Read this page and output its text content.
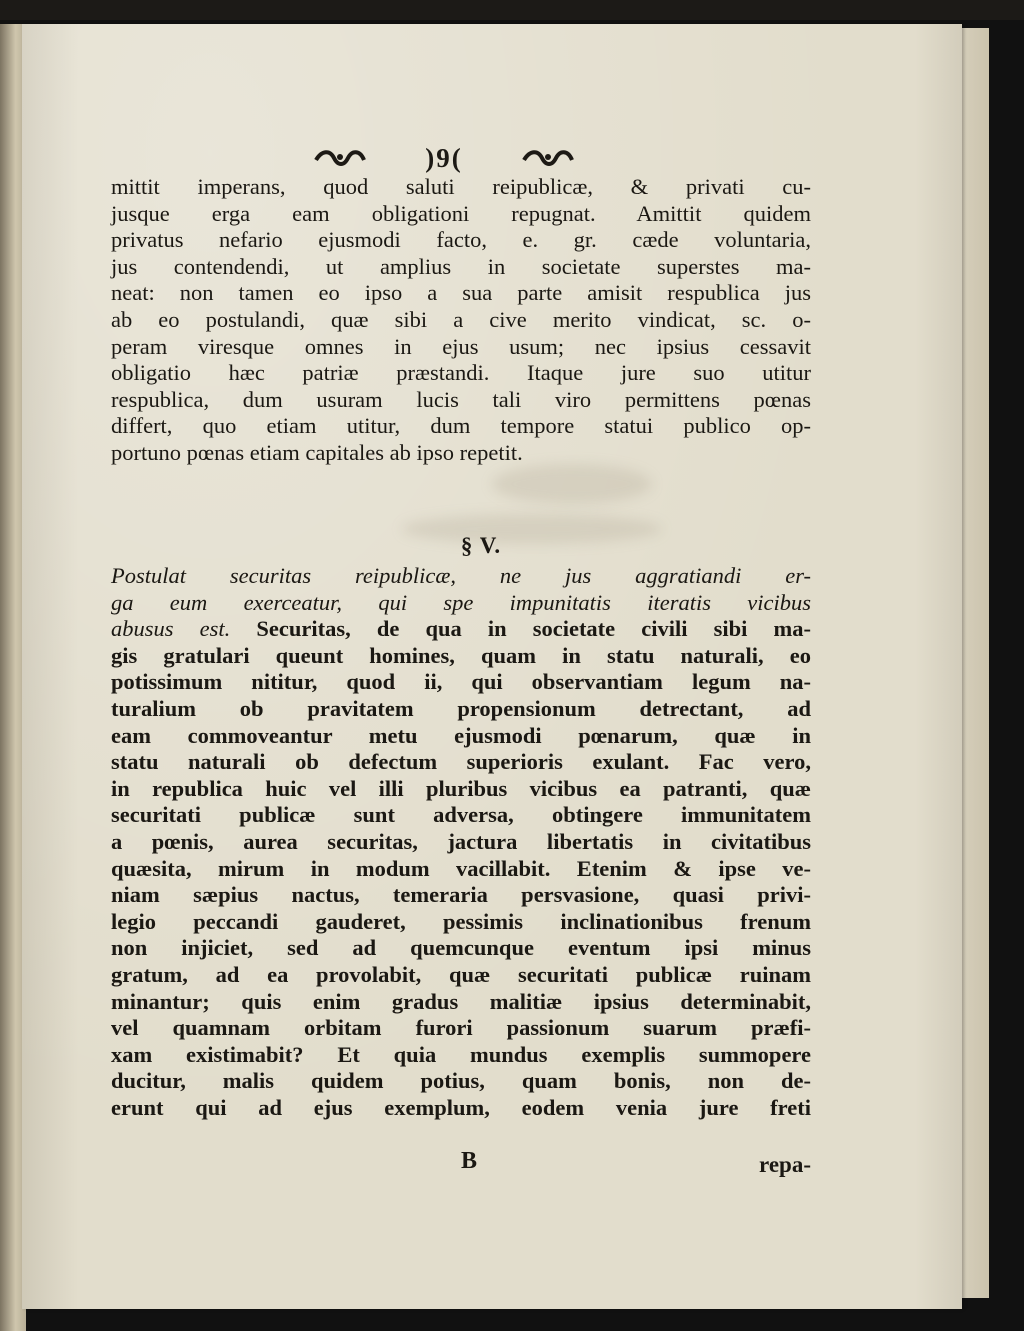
)9(
mittit imperans, quod saluti reipublicæ, & privati cu-
jusque erga eam obligationi repugnat. Amittit quidem
privatus nefario ejusmodi facto, e. gr. cæde voluntaria,
jus contendendi, ut amplius in societate superstes ma-
neat: non tamen eo ipso a sua parte amisit respublica jus
ab eo postulandi, quæ sibi a cive merito vindicat, sc. o-
peram viresque omnes in ejus usum; nec ipsius cessavit
obligatio hæc patriæ præstandi. Itaque jure suo utitur
respublica, dum usuram lucis tali viro permittens pœnas
differt, quo etiam utitur, dum tempore statui publico op-
portuno pœnas etiam capitales ab ipso repetit.
§ V.
Postulat securitas reipublicæ, ne jus aggratiandi er-
ga eum exerceatur, qui spe impunitatis iteratis vicibus
abusus est. Securitas, de qua in societate civili sibi ma-
gis gratulari queunt homines, quam in statu naturali, eo
potissimum nititur, quod ii, qui observantiam legum na-
turalium ob pravitatem propensionum detrectant, ad
eam commoveantur metu ejusmodi pœnarum, quæ in
statu naturali ob defectum superioris exulant. Fac vero,
in republica huic vel illi pluribus vicibus ea patranti, quæ
securitati publicæ sunt adversa, obtingere immunitatem
a pœnis, aurea securitas, jactura libertatis in civitatibus
quæsita, mirum in modum vacillabit. Etenim & ipse ve-
niam sæpius nactus, temeraria persvasione, quasi privi-
legio peccandi gauderet, pessimis inclinationibus frenum
non injiciet, sed ad quemcunque eventum ipsi minus
gratum, ad ea provolabit, quæ securitati publicæ ruinam
minantur; quis enim gradus malitiæ ipsius determinabit,
vel quamnam orbitam furori passionum suarum præfi-
xam existimabit? Et quia mundus exemplis summopere
ducitur, malis quidem potius, quam bonis, non de-
erunt qui ad ejus exemplum, eodem venia jure freti
B	repa-
